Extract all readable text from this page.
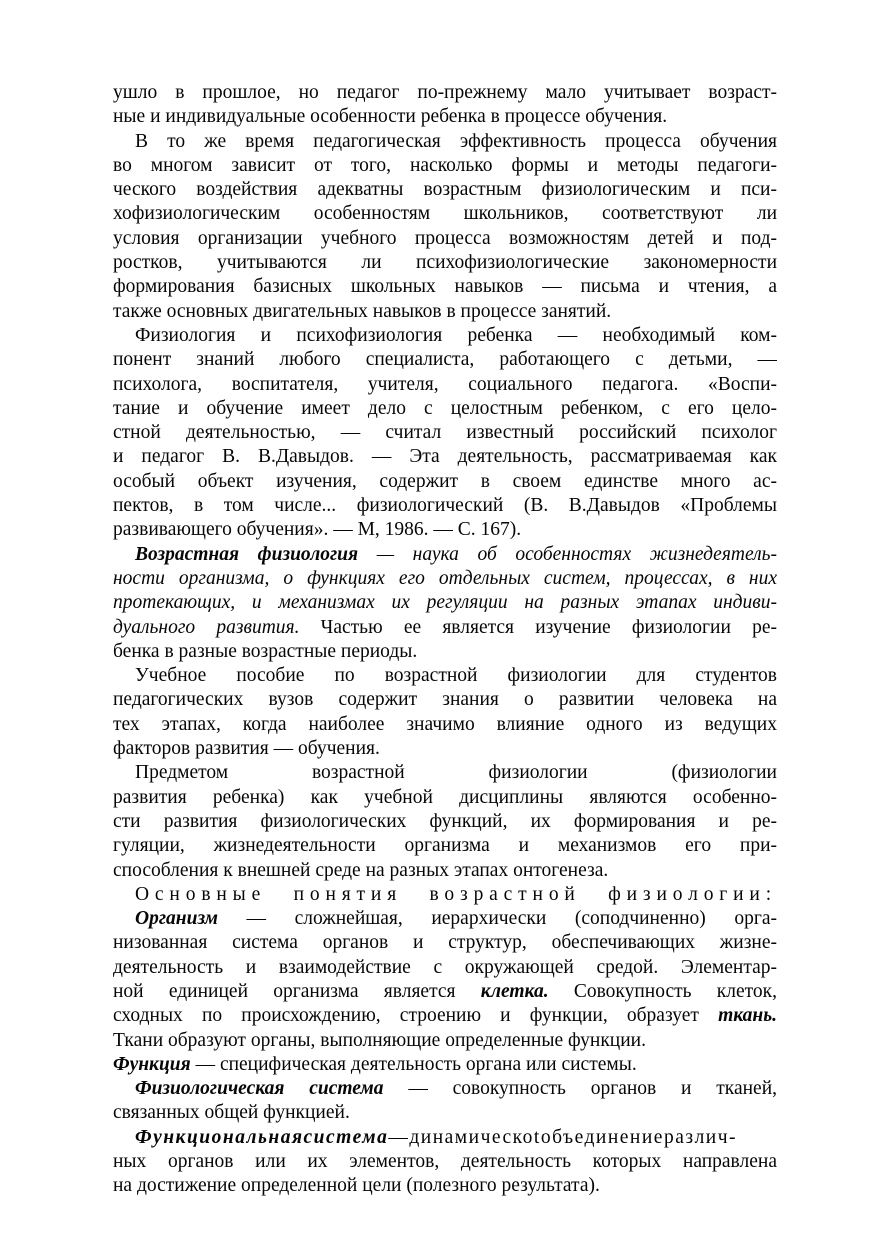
ушло в прошлое, но педагог по-прежнему мало учитывает возраст-
ные и индивидуальные особенности ребенка в процессе обучения.
В то же время педагогическая эффективность процесса обучения
во многом зависит от того, насколько формы и методы педагоги-
ческого воздействия адекватны возрастным физиологическим и пси-
хофизиологическим особенностям школьников, соответствуют ли
условия организации учебного процесса возможностям детей и под-
ростков, учитываются ли психофизиологические закономерности
формирования базисных школьных навыков — письма и чтения, а
также основных двигательных навыков в процессе занятий.
Физиология и психофизиология ребенка — необходимый ком-
понент знаний любого специалиста, работающего с детьми, —
психолога, воспитателя, учителя, социального педагога. «Воспи-
тание и обучение имеет дело с целостным ребенком, с его цело-
стной деятельностью, — считал известный российский психолог
и педагог В. В.Давыдов. — Эта деятельность, рассматриваемая как
особый объект изучения, содержит в своем единстве много ас-
пектов, в том числе... физиологический (В. В.Давыдов «Проблемы
развивающего обучения». — М, 1986. — С. 167).
Возрастная физиология — наука об особенностях жизнедеятель-
ности организма, о функциях его отдельных систем, процессах, в них
протекающих, и механизмах их регуляции на разных этапах индиви-
дуального развития. Частью ее является изучение физиологии ре-
бенка в разные возрастные периоды.
Учебное пособие по возрастной физиологии для студентов
педагогических вузов содержит знания о развитии человека на
тех этапах, когда наиболее значимо влияние одного из ведущих
факторов развития — обучения.
Предметом возрастной физиологии (физиологии
развития ребенка) как учебной дисциплины являются особенно-
сти развития физиологических функций, их формирования и ре-
гуляции, жизнедеятельности организма и механизмов его при-
способления к внешней среде на разных этапах онтогенеза.
Основные понятия возрастной физиологии:
Организм — сложнейшая, иерархически (соподчиненно) орга-
низованная система органов и структур, обеспечивающих жизне-
деятельность и взаимодействие с окружающей средой. Элементар-
ной единицей организма является клетка. Совокупность клеток,
сходных по происхождению, строению и функции, образует ткань.
Ткани образуют органы, выполняющие определенные функции.
Функция — специфическая деятельность органа или системы.
Физиологическая система — совокупность органов и тканей,
связанных общей функцией.
Функциональнаясистема—динамическоtобъединениеразлич-
ных органов или их элементов, деятельность которых направлена
на достижение определенной цели (полезного результата).
